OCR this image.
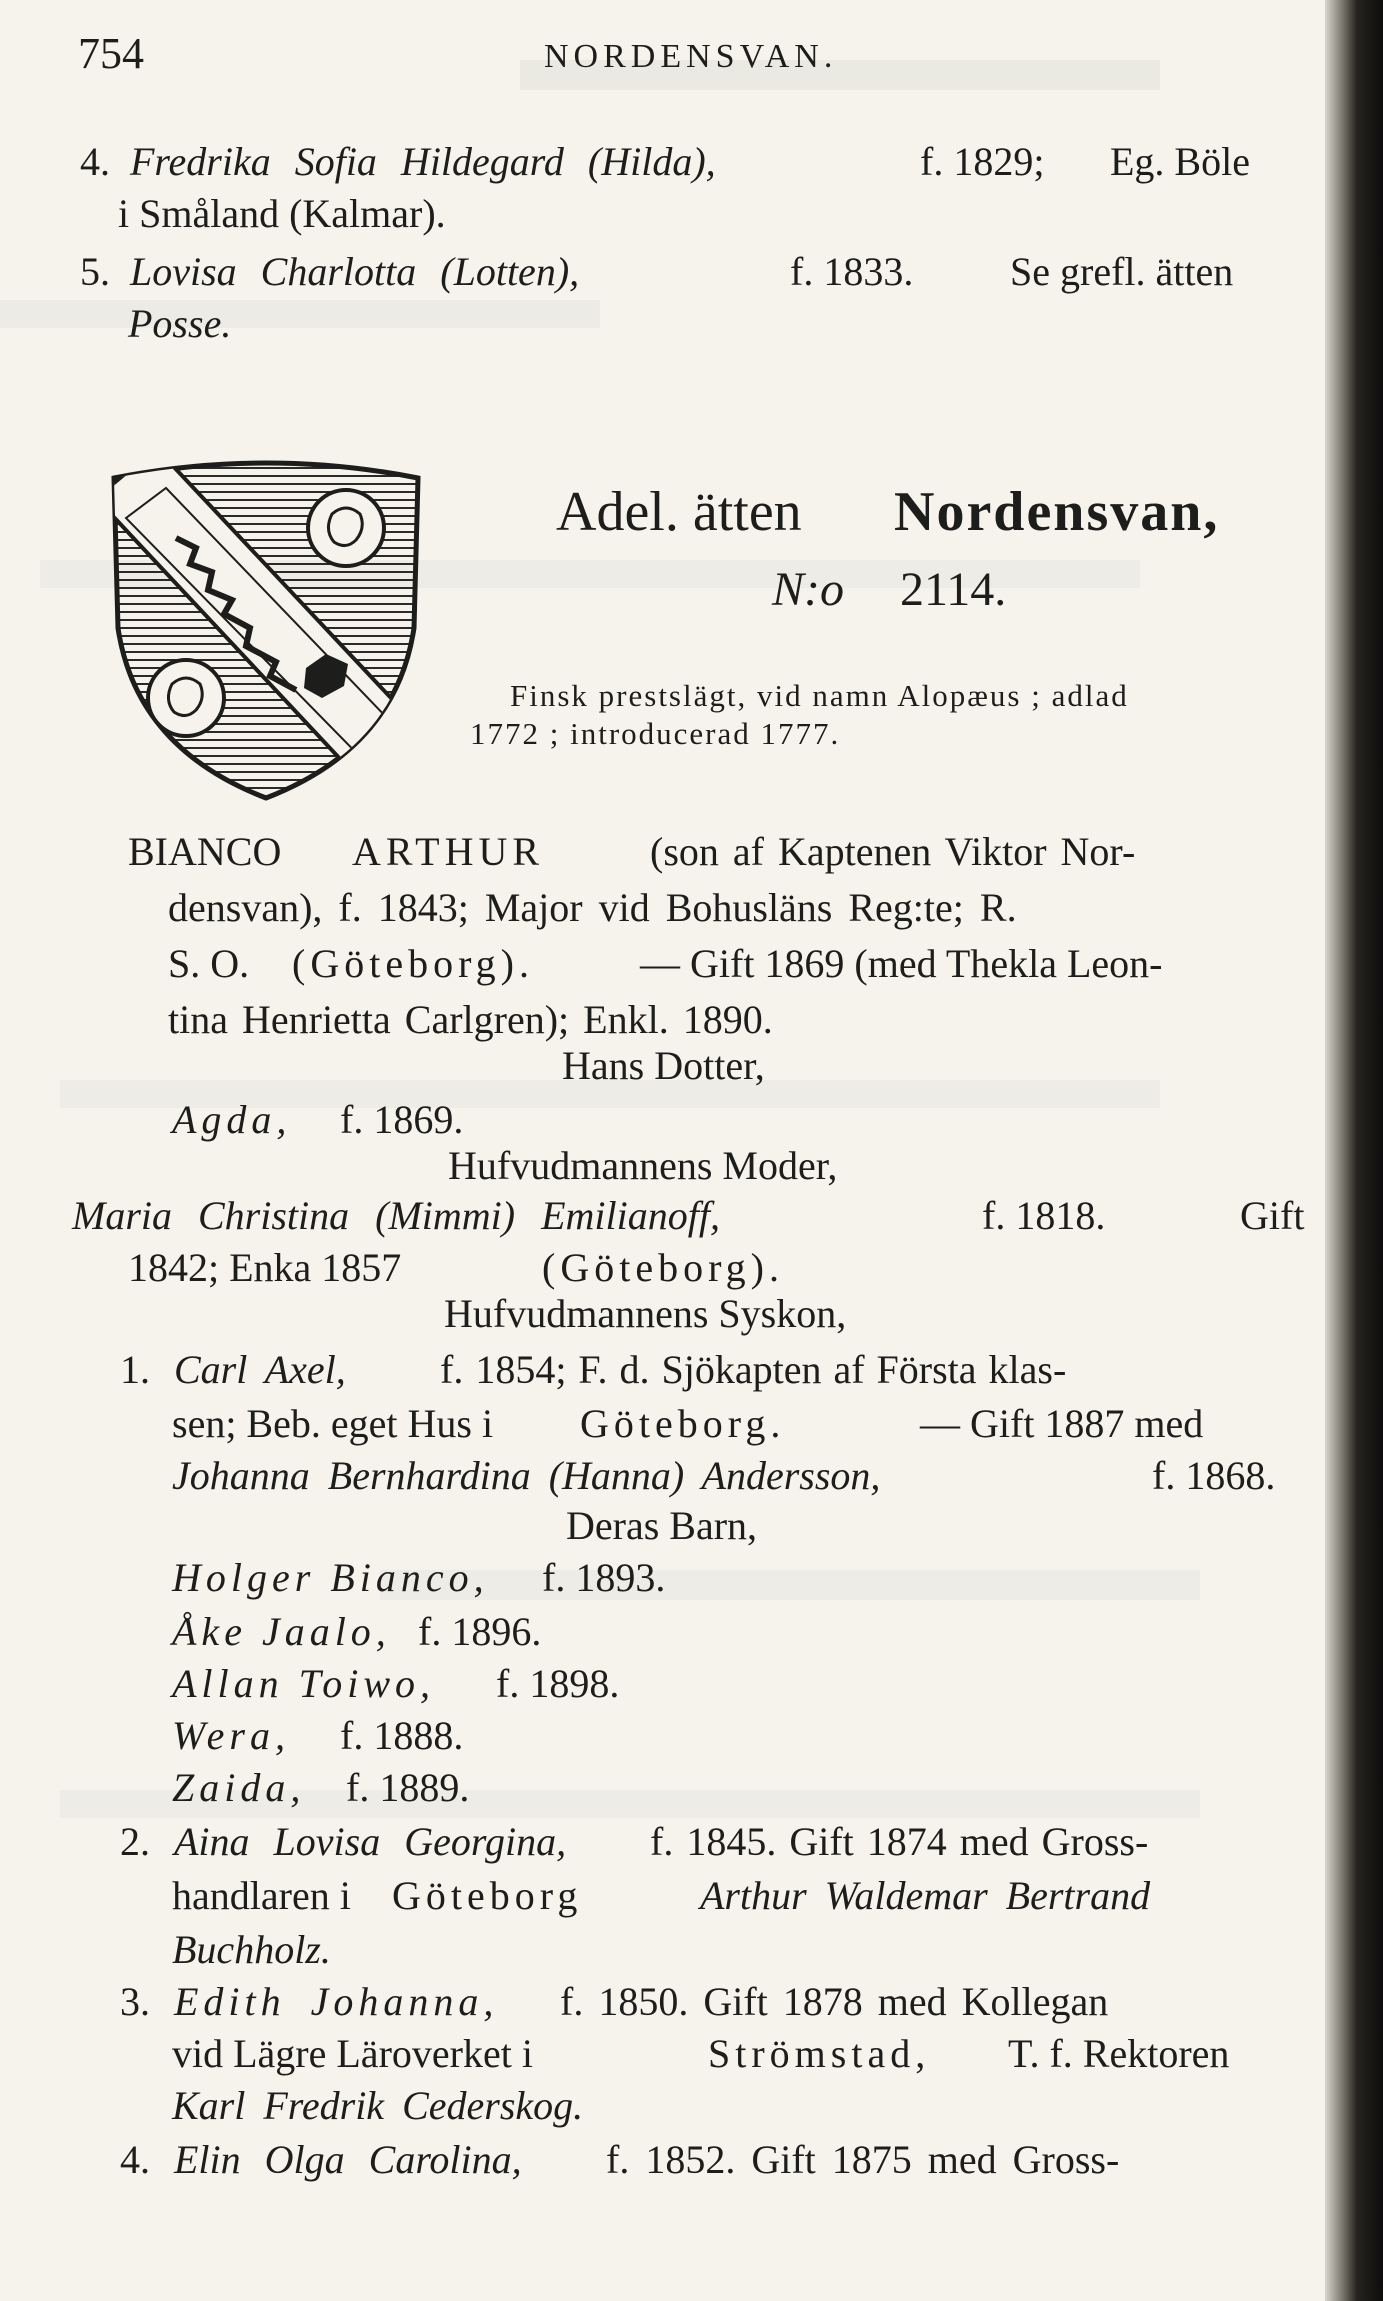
754	NORDENSVAN.
4. Fredrika Sofia Hildegard (Hilda),	f. 1829; Eg. Böle
i Småland (Kalmar).
5. Lovisa Charlotta (Lotten),	f. 1833. Se grefl. ätten
Posse.
Adel. ätten Nordensvan,
N:o 2114.
Finsk prestslägt, vid namn Alopæus ; adlad
1772 ; introducerad 1777.
BIANCO ARTHUR	(son af Kaptenen Viktor Nor-
densvan), f. 1843; Major vid Bohusläns Reg:te; R.
S. O. (Göteborg).	— Gift 1869 (med Thekla Leon-
tina Henrietta Carlgren); Enkl. 1890.
Hans Dotter,
Agda, f. 1869.
Hufvudmannens Moder,
Maria Christina (Mimmi) Emilianoff,	f. 1818.	Gift
1842; Enka 1857	(Göteborg).
Hufvudmannens Syskon,
1. Carl Axel, f. 1854; F. d. Sjökapten af Första klas-
sen; Beb. eget Hus i Göteborg.	— Gift 1887 med
Johanna Bernhardina (Hanna) Andersson,	f. 1868.
Deras Barn,
Holger Bianco, f. 1893.
Åke Jaalo, f. 1896.
Allan Toiwo, f. 1898.
Wera, f. 1888.
Zaida, f. 1889.
2. Aina Lovisa Georgina, f. 1845. Gift 1874 med Gross-
handlaren i Göteborg	Arthur Waldemar Bertrand
Buchholz.
3. Edith Johanna, f. 1850. Gift 1878 med Kollegan
vid Lägre Läroverket i	Strömstad, T. f. Rektoren
Karl Fredrik Cederskog.
4. Elin Olga Carolina, f. 1852. Gift 1875 med Gross-
